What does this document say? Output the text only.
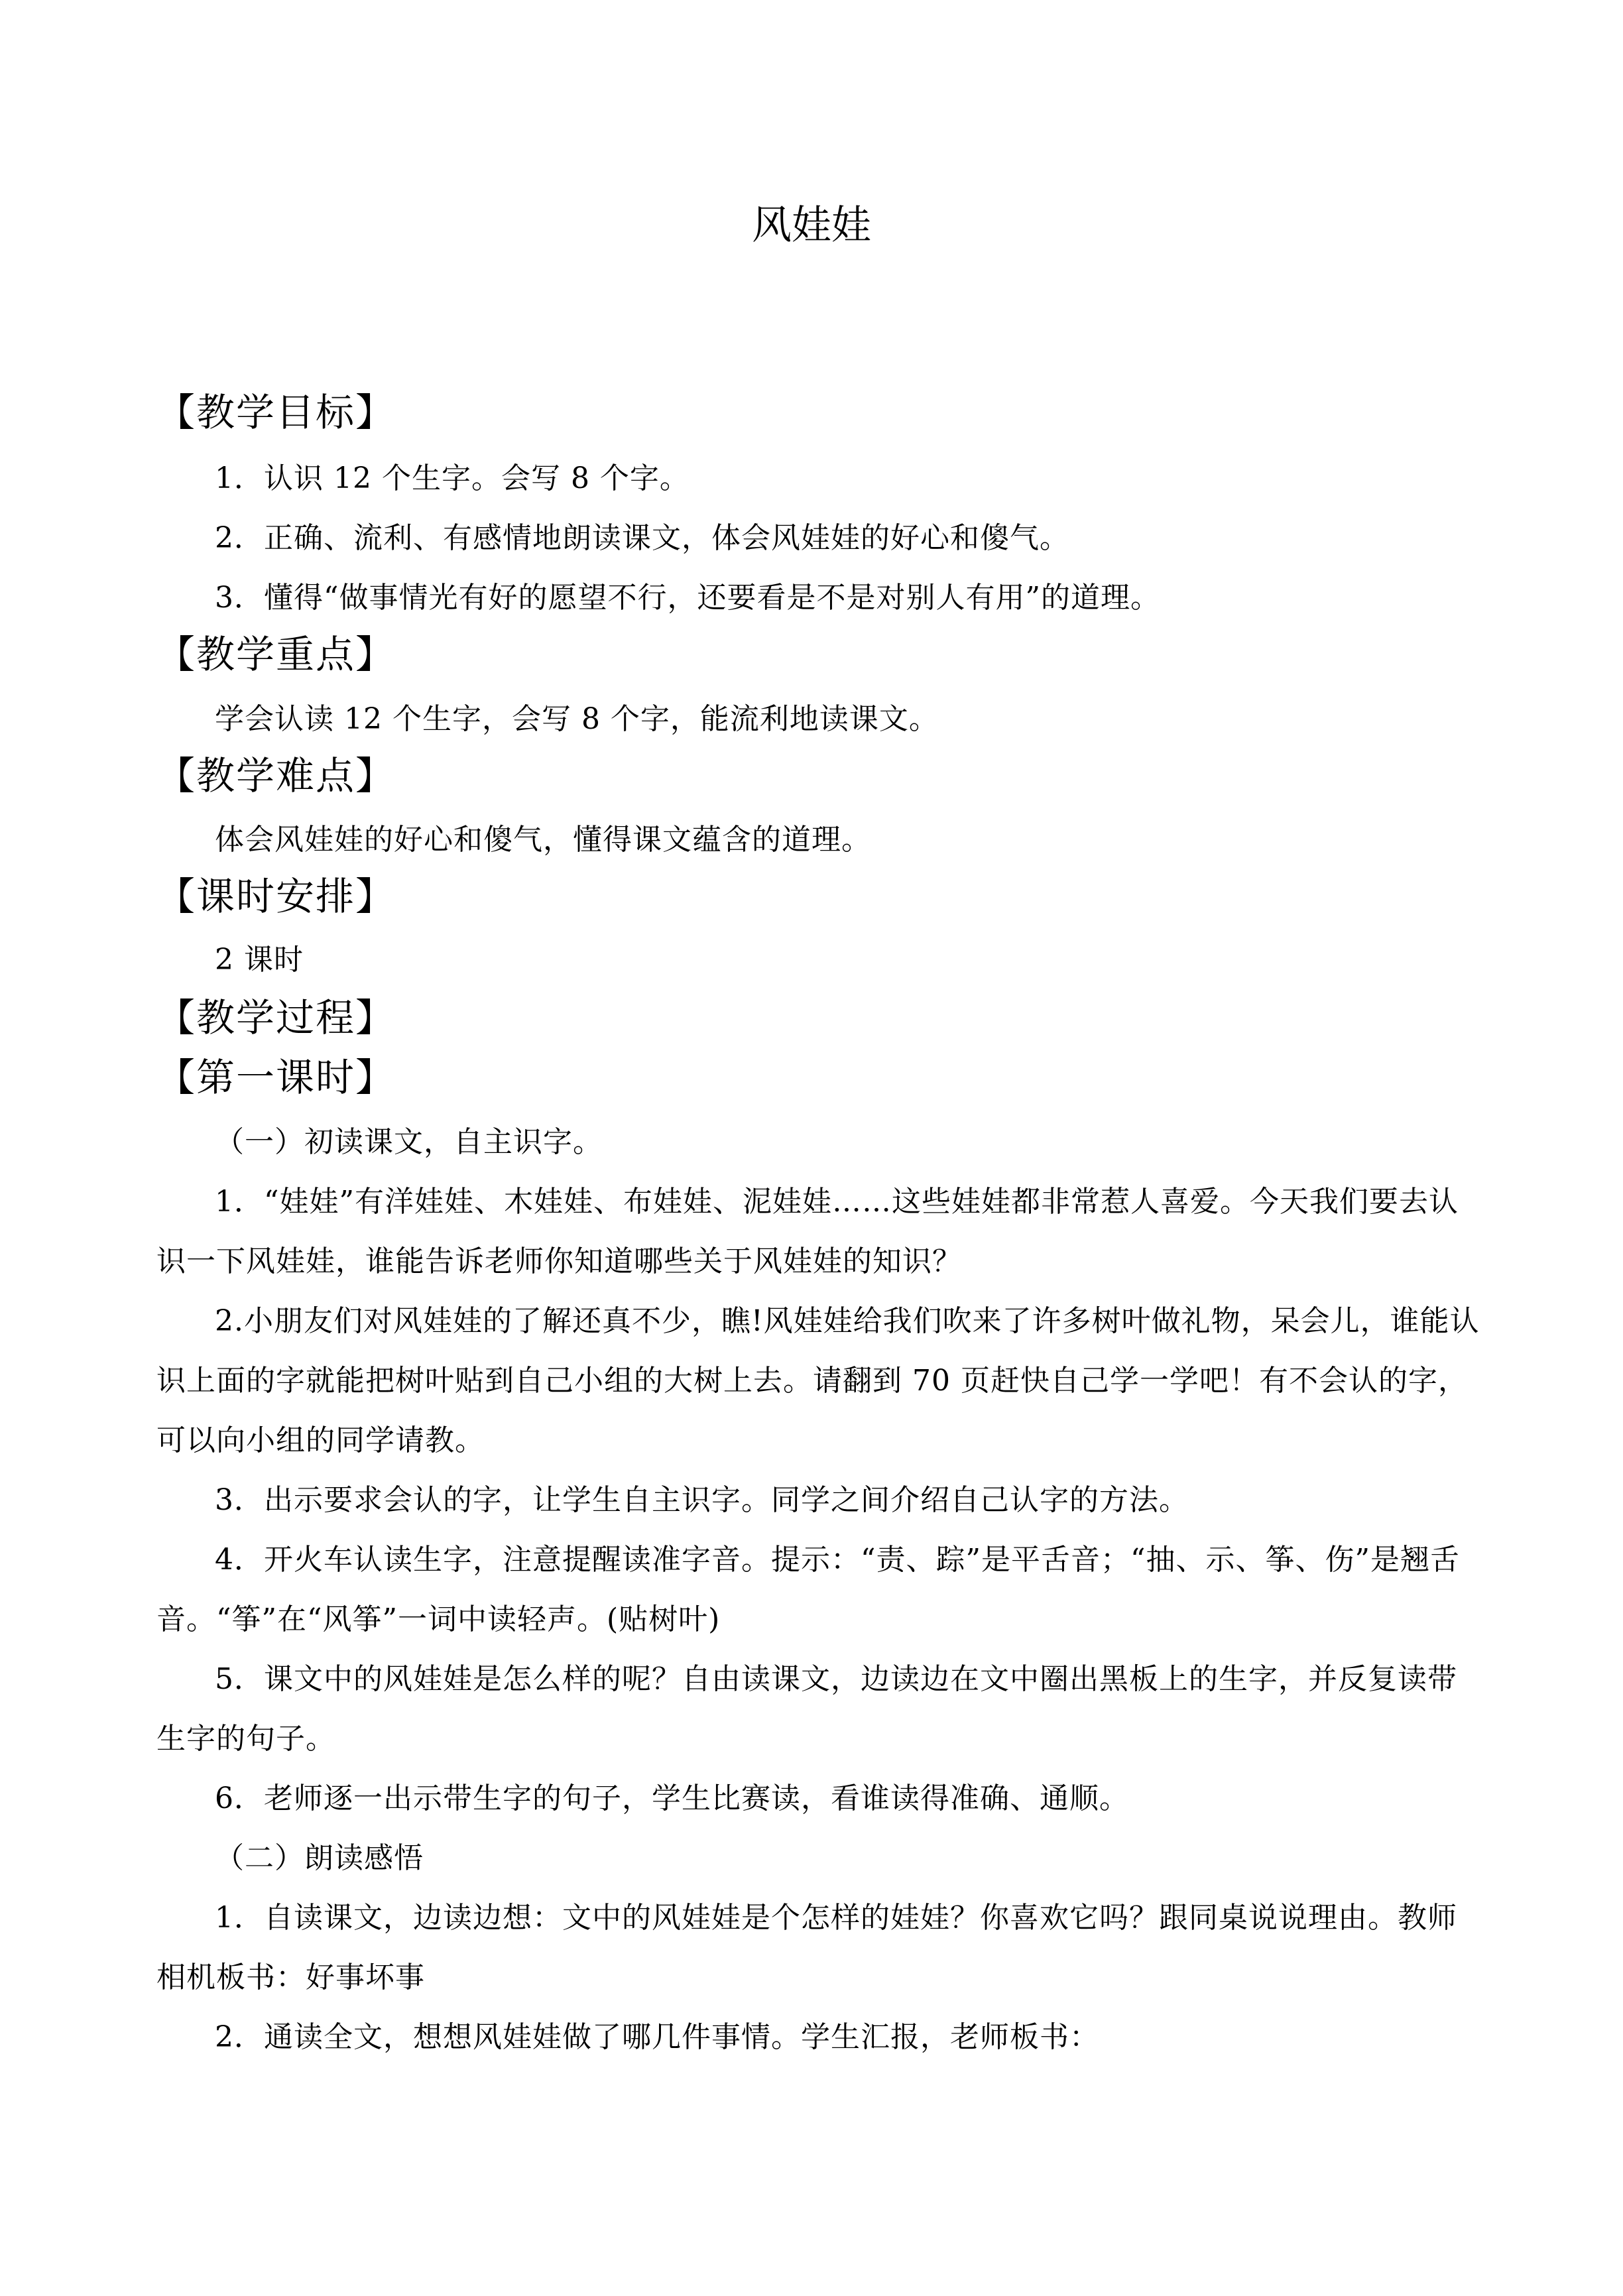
风娃娃
【教学目标】
1．认识 12 个生字。会写 8 个字。
2．正确、流利、有感情地朗读课文，体会风娃娃的好心和傻气。
3．懂得“做事情光有好的愿望不行，还要看是不是对别人有用”的道理。
【教学重点】
学会认读 12 个生字，会写 8 个字，能流利地读课文。
【教学难点】
体会风娃娃的好心和傻气，懂得课文蕴含的道理。
【课时安排】
2 课时
【教学过程】
【第一课时】
（一）初读课文，自主识字。
1．“娃娃”有洋娃娃、木娃娃、布娃娃、泥娃娃……这些娃娃都非常惹人喜爱。今天我们要去认识一下风娃娃，谁能告诉老师你知道哪些关于风娃娃的知识？
2.小朋友们对风娃娃的了解还真不少，瞧!风娃娃给我们吹来了许多树叶做礼物，呆会儿，谁能认识上面的字就能把树叶贴到自己小组的大树上去。请翻到 70 页赶快自己学一学吧！有不会认的字，可以向小组的同学请教。
3．出示要求会认的字，让学生自主识字。同学之间介绍自己认字的方法。
4．开火车认读生字，注意提醒读准字音。提示：“责、踪”是平舌音；“抽、示、筝、伤”是翘舌音。“筝”在“风筝”一词中读轻声。(贴树叶)
5．课文中的风娃娃是怎么样的呢？自由读课文，边读边在文中圈出黑板上的生字，并反复读带生字的句子。
6．老师逐一出示带生字的句子，学生比赛读，看谁读得准确、通顺。
（二）朗读感悟
1．自读课文，边读边想：文中的风娃娃是个怎样的娃娃？你喜欢它吗？跟同桌说说理由。教师相机板书：好事坏事
2．通读全文，想想风娃娃做了哪几件事情。学生汇报，老师板书：
